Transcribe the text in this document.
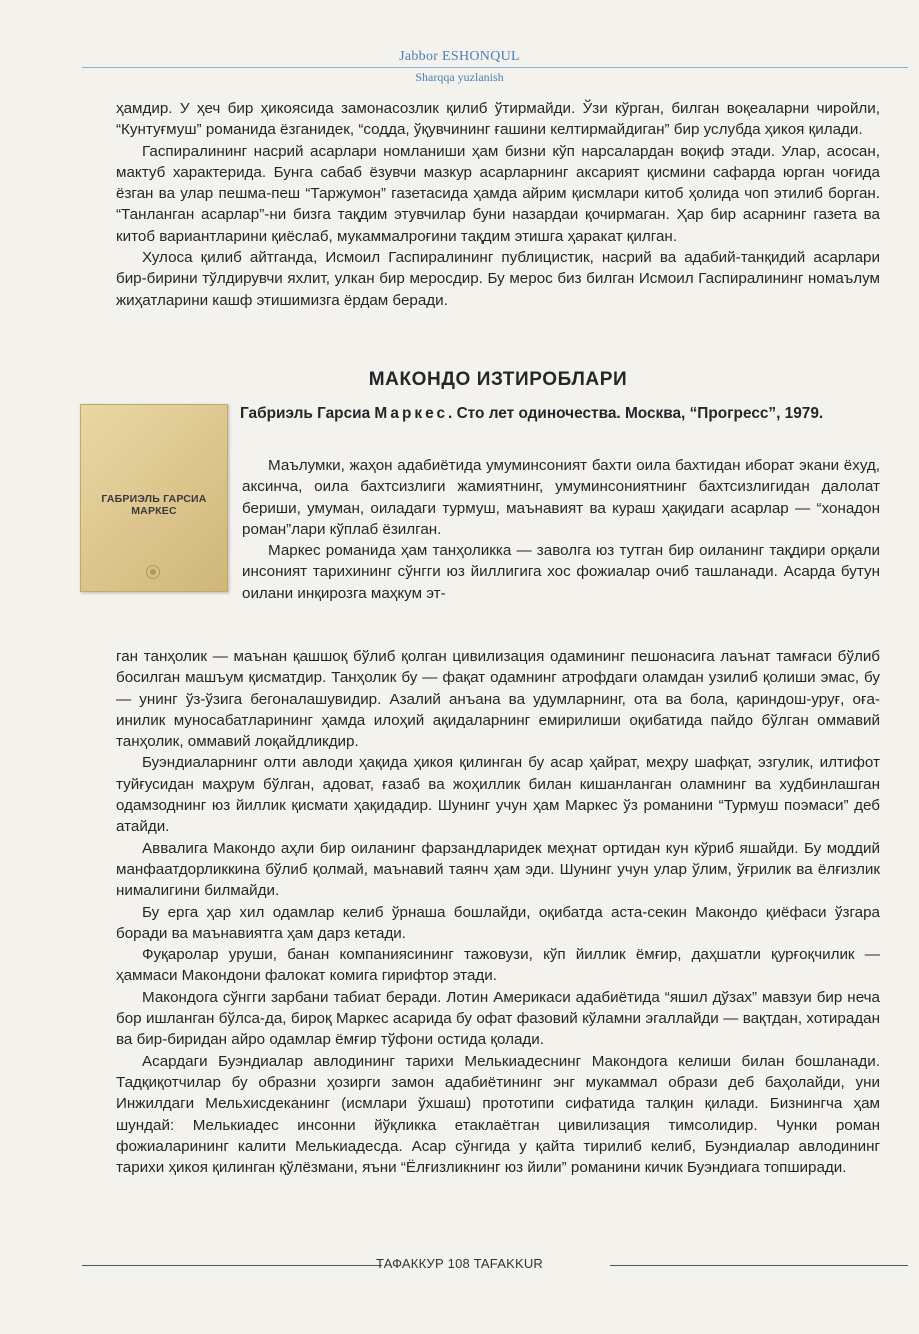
Jabbor ESHONQUL
Sharqqa yuzlanish

ҳамдир. У ҳеч бир ҳикоясида замонасозлик қилиб ўтирмайди. Ўзи кўрган, билган воқеаларни чиройли, “Кунтуғмуш” романида ёзганидек, “содда, ўқувчининг ғашини келтирмайдиган” бир услубда ҳикоя қилади.

Гаспиралининг насрий асарлари номланиши ҳам бизни кўп нарсалардан воқиф этади. Улар, асосан, мактуб характерида. Бунга сабаб ёзувчи мазкур асарларнинг аксарият қисмини сафарда юрган чоғида ёзган ва улар пешма-пеш “Таржумон” газетасида ҳамда айрим қисмлари китоб ҳолида чоп этилиб борган. “Танланган асарлар”-ни бизга тақдим этувчилар буни назардаи қочирмаган. Ҳар бир асарнинг газета ва китоб вариантларини қиёслаб, мукаммалроғини тақдим этишга ҳаракат қилган.

Хулоса қилиб айтганда, Исмоил Гаспиралининг публицистик, насрий ва адабий-танқидий асарлари бир-бирини тўлдирувчи яхлит, улкан бир меросдир. Бу мерос биз билган Исмоил Гаспиралининг номаълум жиҳатларини кашф этишимизга ёрдам беради.

МАКОНДО ИЗТИРОБЛАРИ
ГАБРИЭЛЬ ГАРСИА МАРКЕС
Габриэль Гарсиа Маркес. Сто лет одиночества. Москва, “Прогресс”, 1979.

Маълумки, жаҳон адабиётида умуминсоният бахти оила бахтидан иборат экани ёхуд, аксинча, оила бахтсизлиги жамиятнинг, умуминсониятнинг бахтсизлигидан далолат бериши, умуман, оиладаги турмуш, маънавият ва кураш ҳақидаги асарлар — “хонадон роман”лари кўплаб ёзилган.

Маркес романида ҳам танҳоликка — заволга юз тутган бир оиланинг тақдири орқали инсоният тарихининг сўнгги юз йиллигига хос фожиалар очиб ташланади. Асарда бутун оилани инқирозга маҳкум эт-

ган танҳолик — маънан қашшоқ бўлиб қолган цивилизация одамининг пешонасига лаънат тамғаси бўлиб босилган машъум қисматдир. Танҳолик бу — фақат одамнинг атрофдаги оламдан узилиб қолиши эмас, бу — унинг ўз-ўзига бегоналашувидир. Азалий анъана ва удумларнинг, ота ва бола, қариндош-уруғ, оға-инилик муносабатларининг ҳамда илоҳий ақидаларнинг емирилиши оқибатида пайдо бўлган оммавий танҳолик, оммавий лоқайдликдир.

Буэндиаларнинг олти авлоди ҳақида ҳикоя қилинган бу асар ҳайрат, меҳру шафқат, эзгулик, илтифот туйғусидан маҳрум бўлган, адоват, ғазаб ва жоҳиллик билан кишанланган оламнинг ва худбинлашган одамзоднинг юз йиллик қисмати ҳақидадир. Шунинг учун ҳам Маркес ўз романини “Турмуш поэмаси” деб атайди.

Аввалига Макондо аҳли бир оиланинг фарзандларидек меҳнат ортидан кун кўриб яшайди. Бу моддий манфаатдорликкина бўлиб қолмай, маънавий таянч ҳам эди. Шунинг учун улар ўлим, ўғрилик ва ёлғизлик нималигини билмайди.

Бу ерга ҳар хил одамлар келиб ўрнаша бошлайди, оқибатда аста-секин Макондо қиёфаси ўзгара боради ва маънавиятга ҳам дарз кетади.

Фуқаролар уруши, банан компаниясининг тажовузи, кўп йиллик ёмғир, даҳшатли қурғоқчилик — ҳаммаси Макондони фалокат комига гирифтор этади.

Макондога сўнгги зарбани табиат беради. Лотин Америкаси адабиётида “яшил дўзах” мавзуи бир неча бор ишланган бўлса-да, бироқ Маркес асарида бу офат фазовий кўламни эгаллайди — вақтдан, хотирадан ва бир-биридан айро одамлар ёмғир тўфони остида қолади.

Асардаги Буэндиалар авлодининг тарихи Мелькиадеснинг Макондога келиши билан бошланади. Тадқиқотчилар бу образни ҳозирги замон адабиётининг энг мукаммал образи деб баҳолайди, уни Инжилдаги Мельхисдеканинг (исмлари ўхшаш) прототипи сифатида талқин қилади. Бизнингча ҳам шундай: Мелькиадес инсонни йўқликка етаклаётган цивилизация тимсолидир. Чунки роман фожиаларининг калити Мелькиадесда. Асар сўнгида у қайта тирилиб келиб, Буэндиалар авлодининг тарихи ҳикоя қилинган қўлёзмани, яъни “Ёлғизликнинг юз йили” романини кичик Буэндиага топширади.

ТАФАККУР 108 TAFAKKUR
